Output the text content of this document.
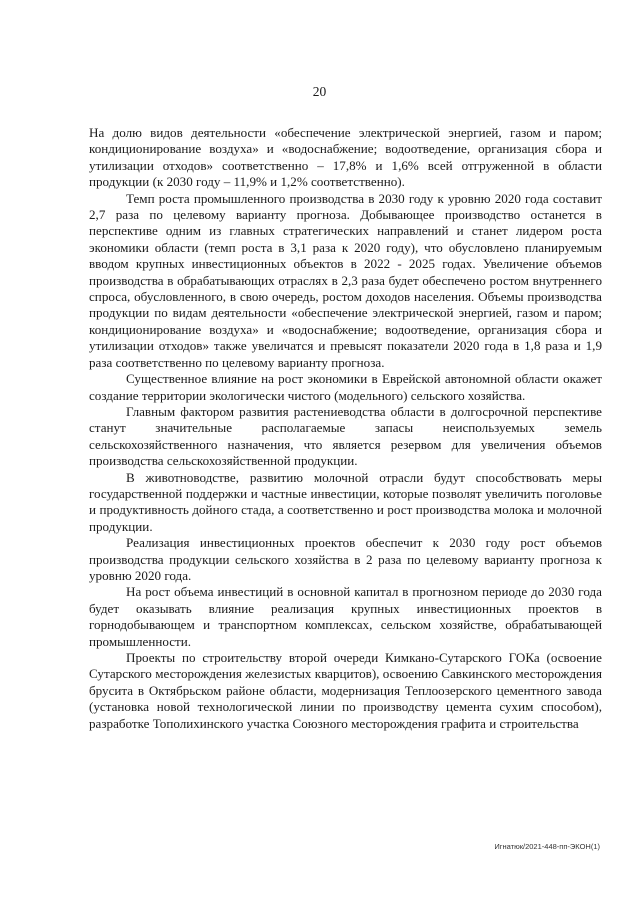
20

На долю видов деятельности «обеспечение электрической энергией, газом и паром; кондиционирование воздуха» и «водоснабжение; водоотведение, организация сбора и утилизации отходов» соответственно – 17,8% и 1,6% всей отгруженной в области продукции (к 2030 году – 11,9% и 1,2% соответственно).

Темп роста промышленного производства в 2030 году к уровню 2020 года составит 2,7 раза по целевому варианту прогноза. Добывающее производство останется в перспективе одним из главных стратегических направлений и станет лидером роста экономики области (темп роста в 3,1 раза к 2020 году), что обусловлено планируемым вводом крупных инвестиционных объектов в 2022 - 2025 годах. Увеличение объемов производства в обрабатывающих отраслях в 2,3 раза будет обеспечено ростом внутреннего спроса, обусловленного, в свою очередь, ростом доходов населения. Объемы производства продукции по видам деятельности «обеспечение электрической энергией, газом и паром; кондиционирование воздуха» и «водоснабжение; водоотведение, организация сбора и утилизации отходов» также увеличатся и превысят показатели 2020 года в 1,8 раза и 1,9 раза соответственно по целевому варианту прогноза.

Существенное влияние на рост экономики в Еврейской автономной области окажет создание территории экологически чистого (модельного) сельского хозяйства.

Главным фактором развития растениеводства области в долгосрочной перспективе станут значительные располагаемые запасы неиспользуемых земель сельскохозяйственного назначения, что является резервом для увеличения объемов производства сельскохозяйственной продукции.

В животноводстве, развитию молочной отрасли будут способствовать меры государственной поддержки и частные инвестиции, которые позволят увеличить поголовье и продуктивность дойного стада, а соответственно и рост производства молока и молочной продукции.

Реализация инвестиционных проектов обеспечит к 2030 году рост объемов производства продукции сельского хозяйства в 2 раза по целевому варианту прогноза к уровню 2020 года.

На рост объема инвестиций в основной капитал в прогнозном периоде до 2030 года будет оказывать влияние реализация крупных инвестиционных проектов в горнодобывающем и транспортном комплексах, сельском хозяйстве, обрабатывающей промышленности.

Проекты по строительству второй очереди Кимкано-Сутарского ГОКа (освоение Сутарского месторождения железистых кварцитов), освоению Савкинского месторождения брусита в Октябрьском районе области, модернизация Теплоозерского цементного завода (установка новой технологической линии по производству цемента сухим способом), разработке Тополихинского участка Союзного месторождения графита и строительства

Игнатюк/2021-448-пп-ЭКОН(1)
